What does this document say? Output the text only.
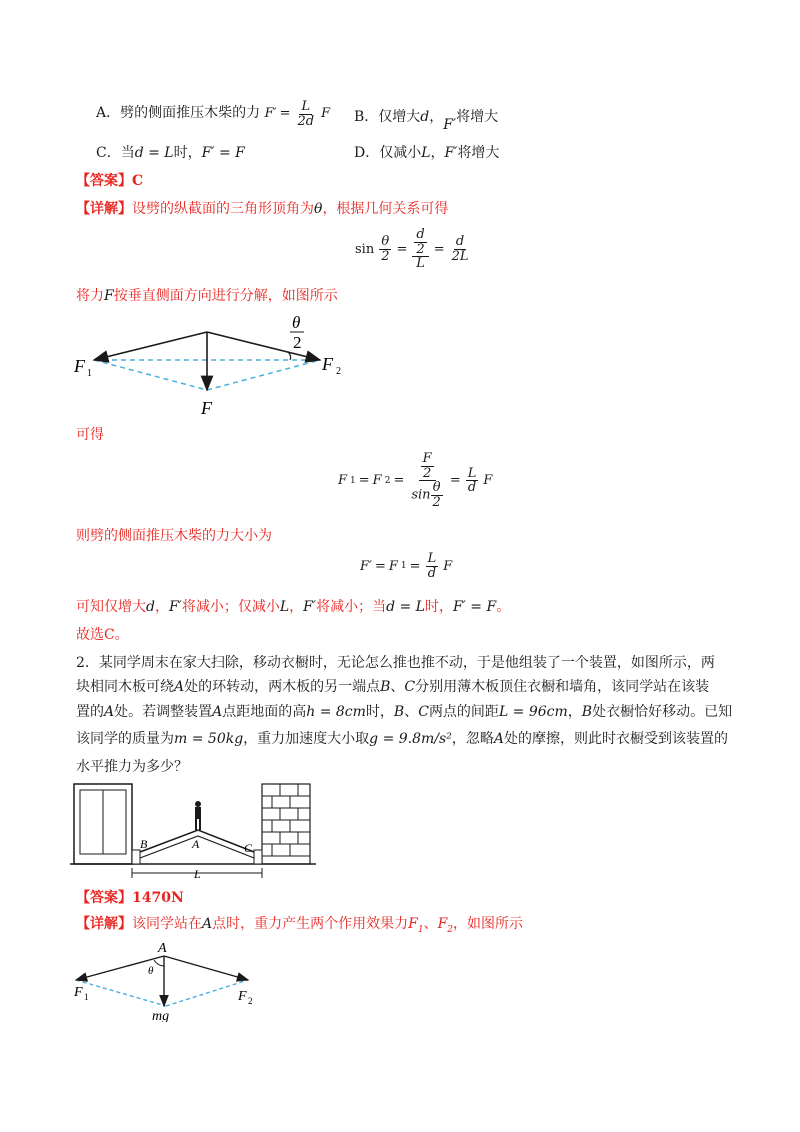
A．劈的侧面推压木柴的力 $F' = \frac{L}{2d}$ F B．仅增大d，F′将增大
C．当d = L时，F′ = F	D．仅减小L，F′将增大
【答案】C
【详解】设劈的纵截面的三角形顶角为θ，根据几何关系可得
$\sin \frac{\theta}{2} = \frac{\frac{d}{2}}{L} = \frac{d}{2L}$
将力F按垂直侧面方向进行分解，如图所示
F 1	F 2
F
θ
2
可得
F 1 = F $2 = \frac{\frac{F}{2}}{\sin \frac{\theta}{2}} = \frac{L}{d}$ F
则劈的侧面推压木柴的力大小为
F′ = F $1 = \frac{L}{d}$ F
可知仅增大d，F′将减小；仅减小L，F′将减小；当d = L时，F′ = F。
故选C。
2．某同学周末在家大扫除，移动衣橱时，无论怎么推也推不动，于是他组装了一个装置，如图所示，两
块相同木板可绕A处的环转动，两木板的另一端点B、C分别用薄木板顶住衣橱和墙角，该同学站在该装
置的A处。若调整装置A点距地面的高h = 8cm时，B、C两点的间距L = 96cm，B处衣橱恰好移动。已知
该同学的质量为m = 50kg，重力加速度大小取g = 9.8m/s²，忽略A处的摩擦，则此时衣橱受到该装置的
水平推力为多少？
B	A	C
L
【答案】1470N
【详解】该同学站在A点时，重力产生两个作用效果力$F_1$、$F_2$，如图所示
A
θ
F 1	F 2
mg
